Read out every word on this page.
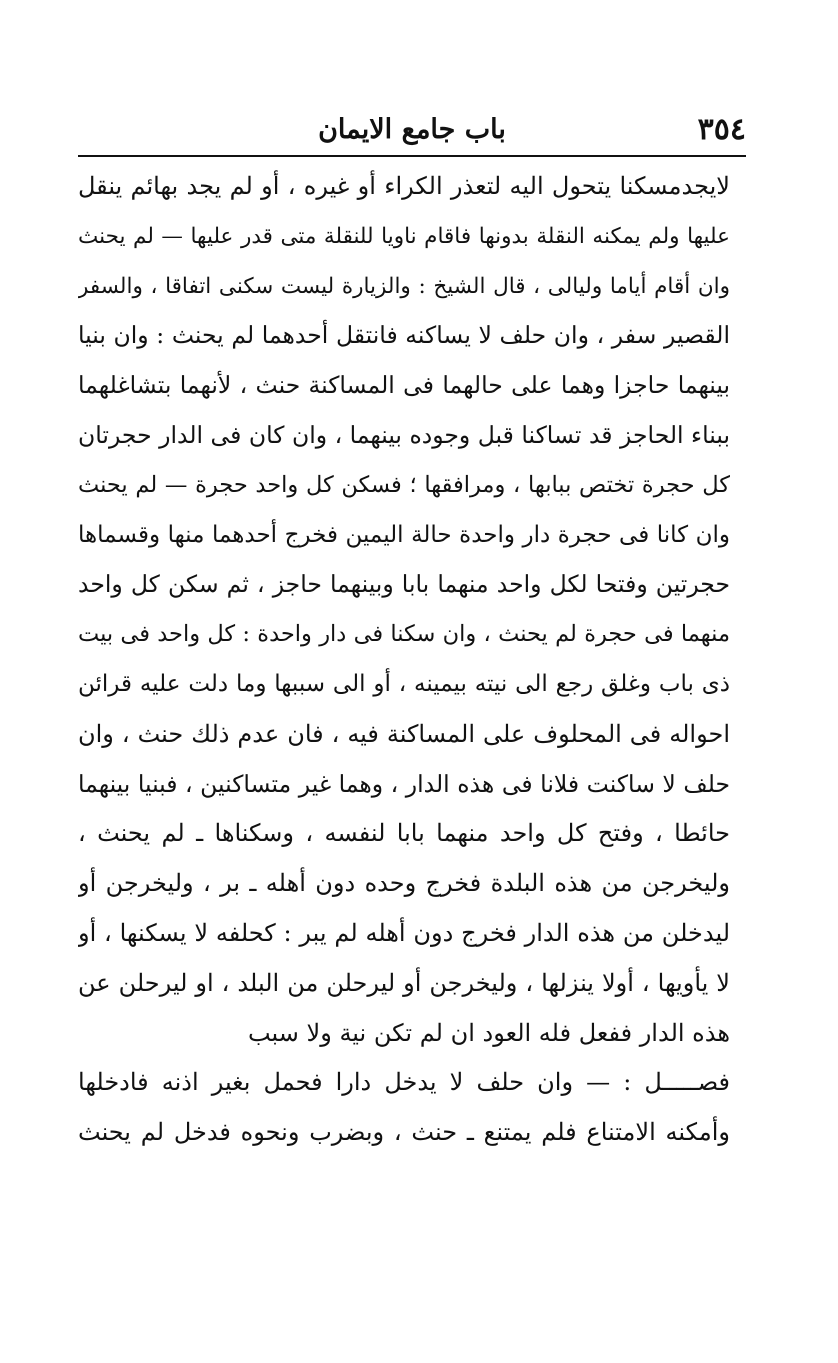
٣٥٤
باب جامع الايمان
لايجدمسكنا يتحول اليه لتعذر الكراء أو غيره ، أو لم يجد بهائم ينقل
عليها ولم يمكنه النقلة بدونها فاقام ناويا للنقلة متى قدر عليها — لم يحنث
وان أقام أياما وليالى ، قال الشيخ : والزيارة ليست سكنى اتفاقا ، والسفر
القصير سفر ، وان حلف لا يساكنه فانتقل أحدهما لم يحنث : وان بنيا
بينهما حاجزا وهما على حالهما فى المساكنة حنث ، لأنهما بتشاغلهما
ببناء الحاجز قد تساكنا قبل وجوده بينهما ، وان كان فى الدار حجرتان
كل حجرة تختص ببابها ، ومرافقها ؛ فسكن كل واحد حجرة — لم يحنث
وان كانا فى حجرة دار واحدة حالة اليمين فخرج أحدهما منها وقسماها
حجرتين وفتحا لكل واحد منهما بابا وبينهما حاجز ، ثم سكن كل واحد
منهما فى حجرة لم يحنث ، وان سكنا فى دار واحدة : كل واحد فى بيت
ذى باب وغلق رجع الى نيته بيمينه ، أو الى سببها وما دلت عليه قرائن
احواله فى المحلوف على المساكنة فيه ، فان عدم ذلك حنث ، وان
حلف لا ساكنت فلانا فى هذه الدار ، وهما غير متساكنين ، فبنيا بينهما
حائطا ، وفتح كل واحد منهما بابا لنفسه ، وسكناها ـ لم يحنث ،
وليخرجن من هذه البلدة فخرج وحده دون أهله ـ بر ، وليخرجن أو
ليدخلن من هذه الدار فخرج دون أهله لم يبر : كحلفه لا يسكنها ، أو
لا يأويها ، أولا ينزلها ، وليخرجن أو ليرحلن من البلد ، او ليرحلن عن
هذه الدار ففعل فله العود ان لم تكن نية ولا سبب
فصـــــل : — وان حلف لا يدخل دارا فحمل بغير اذنه فادخلها
وأمكنه الامتناع فلم يمتنع ـ حنث ، وبضرب ونحوه فدخل لم يحنث
